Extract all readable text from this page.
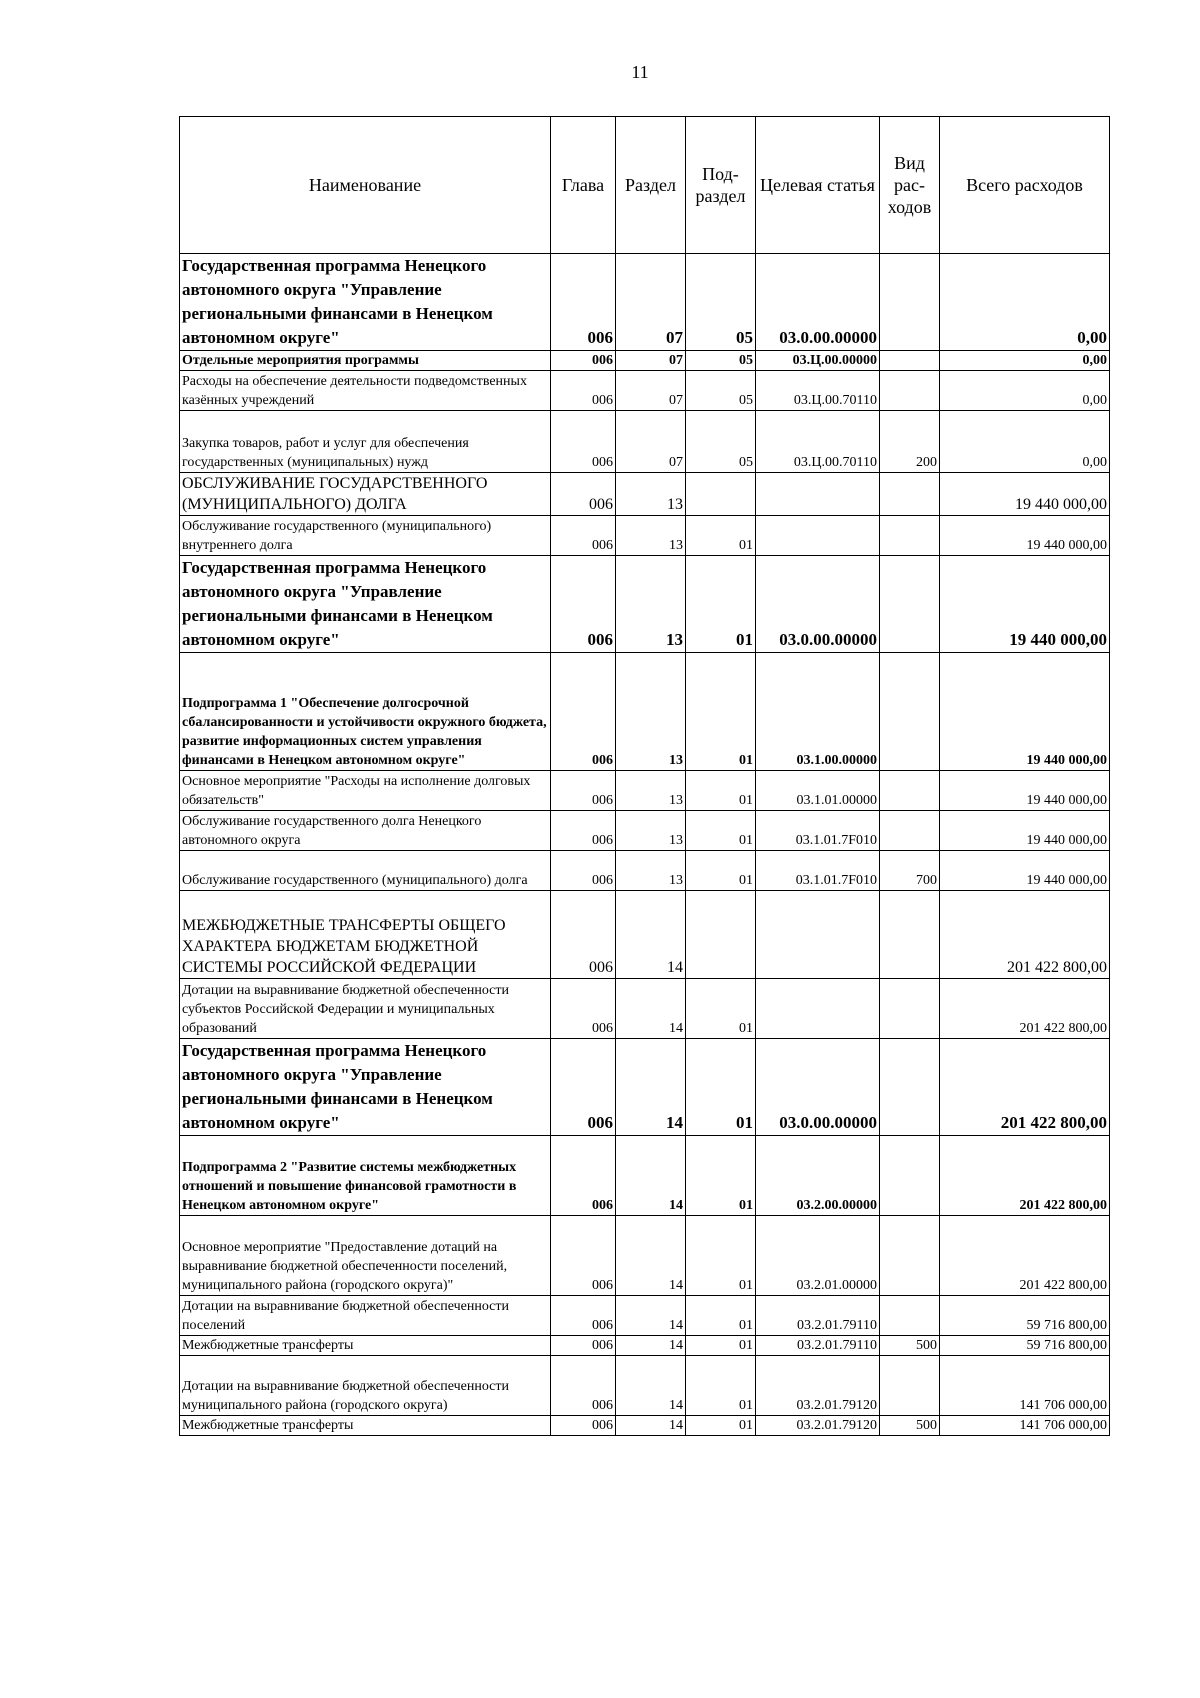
11
Наименование	Глава	Раздел	Под-раздел	Целевая статья	Вид рас-ходов	Всего расходов
Государственная программа Ненецкого автономного округа "Управление региональными финансами в Ненецком автономном округе"	006	07	05	03.0.00.00000		0,00
Отдельные мероприятия программы	006	07	05	03.Ц.00.00000		0,00
Расходы на обеспечение деятельности подведомственных казённых учреждений	006	07	05	03.Ц.00.70110		0,00
Закупка товаров, работ и услуг для обеспечения государственных (муниципальных) нужд	006	07	05	03.Ц.00.70110	200	0,00
ОБСЛУЖИВАНИЕ ГОСУДАРСТВЕННОГО (МУНИЦИПАЛЬНОГО) ДОЛГА	006	13				19 440 000,00
Обслуживание государственного (муниципального) внутреннего долга	006	13	01			19 440 000,00
Государственная программа Ненецкого автономного округа "Управление региональными финансами в Ненецком автономном округе"	006	13	01	03.0.00.00000		19 440 000,00
Подпрограмма 1 "Обеспечение долгосрочной сбалансированности и устойчивости окружного бюджета, развитие информационных систем управления финансами в Ненецком автономном округе"	006	13	01	03.1.00.00000		19 440 000,00
Основное мероприятие "Расходы на исполнение долговых обязательств"	006	13	01	03.1.01.00000		19 440 000,00
Обслуживание государственного долга Ненецкого автономного округа	006	13	01	03.1.01.7F010		19 440 000,00
Обслуживание государственного (муниципального) долга	006	13	01	03.1.01.7F010	700	19 440 000,00
МЕЖБЮДЖЕТНЫЕ ТРАНСФЕРТЫ ОБЩЕГО ХАРАКТЕРА БЮДЖЕТАМ БЮДЖЕТНОЙ СИСТЕМЫ РОССИЙСКОЙ ФЕДЕРАЦИИ	006	14				201 422 800,00
Дотации на выравнивание бюджетной обеспеченности субъектов Российской Федерации и муниципальных образований	006	14	01			201 422 800,00
Государственная программа Ненецкого автономного округа "Управление региональными финансами в Ненецком автономном округе"	006	14	01	03.0.00.00000		201 422 800,00
Подпрограмма 2 "Развитие системы межбюджетных отношений и повышение финансовой грамотности в Ненецком автономном округе"	006	14	01	03.2.00.00000		201 422 800,00
Основное мероприятие "Предоставление дотаций на выравнивание бюджетной обеспеченности поселений, муниципального района (городского округа)"	006	14	01	03.2.01.00000		201 422 800,00
Дотации на выравнивание бюджетной обеспеченности поселений	006	14	01	03.2.01.79110		59 716 800,00
Межбюджетные трансферты	006	14	01	03.2.01.79110	500	59 716 800,00
Дотации на выравнивание бюджетной обеспеченности муниципального района (городского округа)	006	14	01	03.2.01.79120		141 706 000,00
Межбюджетные трансферты	006	14	01	03.2.01.79120	500	141 706 000,00
